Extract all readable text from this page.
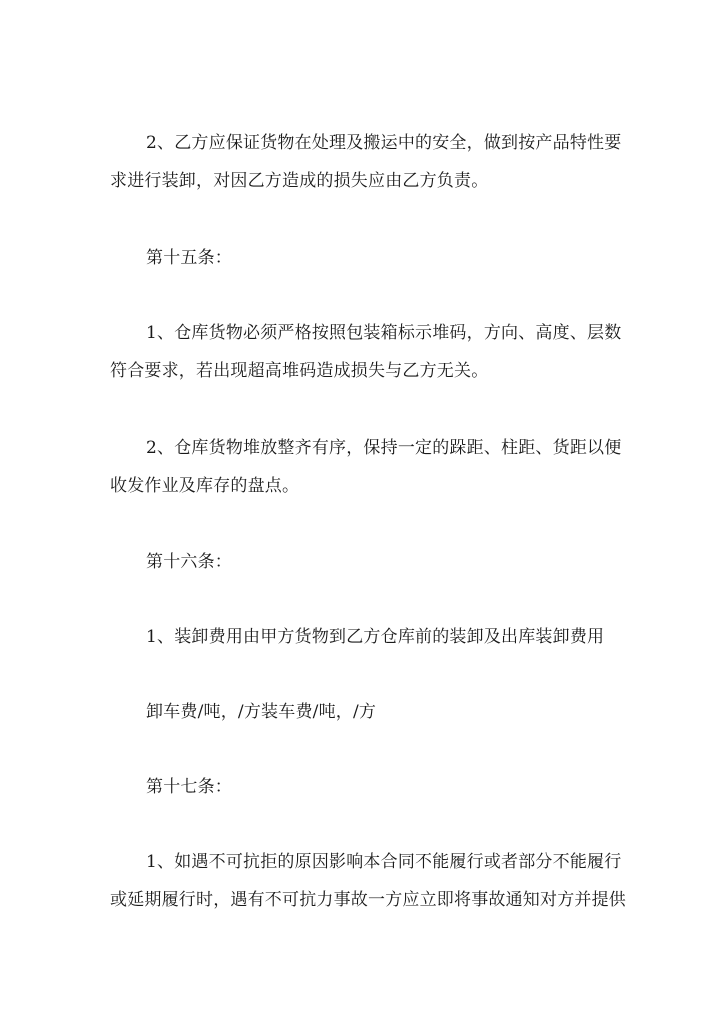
2、乙方应保证货物在处理及搬运中的安全，做到按产品特性要
求进行装卸，对因乙方造成的损失应由乙方负责。
第十五条：
1、仓库货物必须严格按照包装箱标示堆码，方向、高度、层数
符合要求，若出现超高堆码造成损失与乙方无关。
2、仓库货物堆放整齐有序，保持一定的跺距、柱距、货距以便
收发作业及库存的盘点。
第十六条：
1、装卸费用由甲方货物到乙方仓库前的装卸及出库装卸费用
卸车费/吨，/方装车费/吨，/方
第十七条：
1、如遇不可抗拒的原因影响本合同不能履行或者部分不能履行
或延期履行时，遇有不可抗力事故一方应立即将事故通知对方并提供
